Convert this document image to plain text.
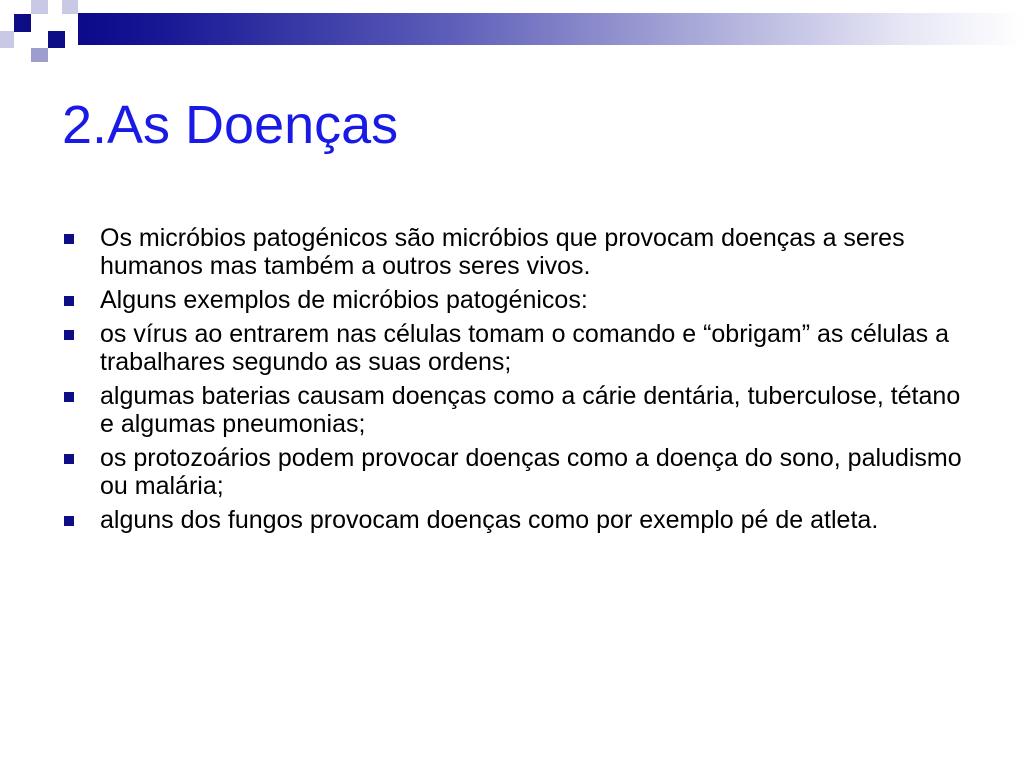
2.As Doenças
Os micróbios patogénicos são micróbios que provocam doenças a seres humanos mas também a outros seres vivos.
Alguns exemplos de micróbios patogénicos:
os vírus ao entrarem nas células tomam o comando e “obrigam” as células a trabalhares segundo as suas ordens;
algumas baterias causam doenças como a cárie dentária, tuberculose, tétano e algumas pneumonias;
os protozoários podem provocar doenças como a doença do sono, paludismo ou malária;
alguns dos fungos provocam doenças como por exemplo pé de atleta.
